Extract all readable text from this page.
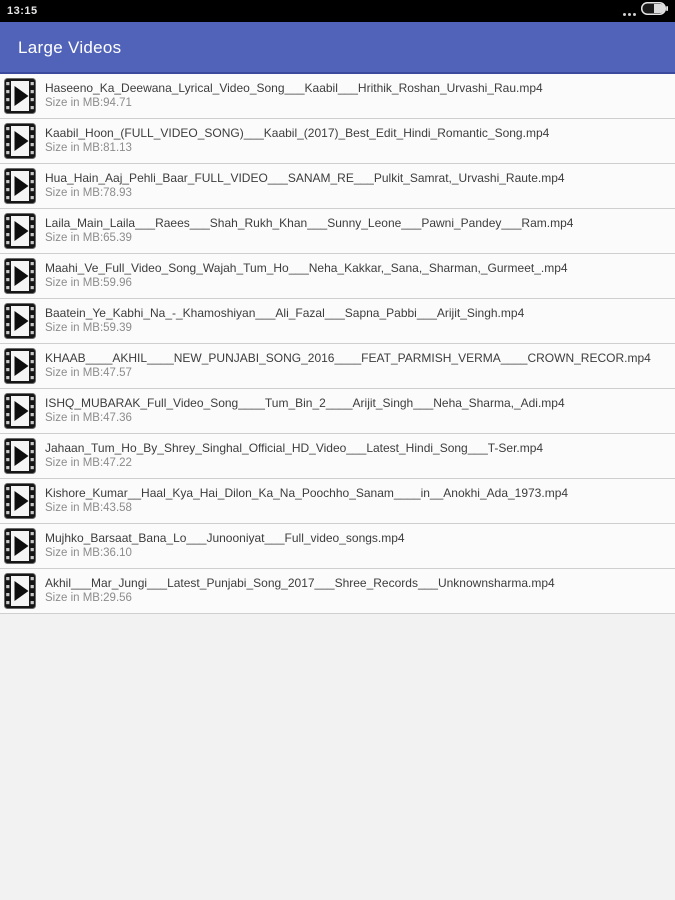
13:15
Large Videos
Haseeno_Ka_Deewana_Lyrical_Video_Song___Kaabil___Hrithik_Roshan_Urvashi_Rau.mp4
Size in MB:94.71
Kaabil_Hoon_(FULL_VIDEO_SONG)___Kaabil_(2017)_Best_Edit_Hindi_Romantic_Song.mp4
Size in MB:81.13
Hua_Hain_Aaj_Pehli_Baar_FULL_VIDEO___SANAM_RE___Pulkit_Samrat,_Urvashi_Raute.mp4
Size in MB:78.93
Laila_Main_Laila___Raees___Shah_Rukh_Khan___Sunny_Leone___Pawni_Pandey___Ram.mp4
Size in MB:65.39
Maahi_Ve_Full_Video_Song_Wajah_Tum_Ho___Neha_Kakkar,_Sana,_Sharman,_Gurmeet_.mp4
Size in MB:59.96
Baatein_Ye_Kabhi_Na_-_Khamoshiyan___Ali_Fazal___Sapna_Pabbi___Arijit_Singh.mp4
Size in MB:59.39
KHAAB____AKHIL____NEW_PUNJABI_SONG_2016____FEAT_PARMISH_VERMA____CROWN_RECOR.mp4
Size in MB:47.57
ISHQ_MUBARAK_Full_Video_Song____Tum_Bin_2____Arijit_Singh___Neha_Sharma,_Adi.mp4
Size in MB:47.36
Jahaan_Tum_Ho_By_Shrey_Singhal_Official_HD_Video___Latest_Hindi_Song___T-Ser.mp4
Size in MB:47.22
Kishore_Kumar__Haal_Kya_Hai_Dilon_Ka_Na_Poochho_Sanam____in__Anokhi_Ada_1973.mp4
Size in MB:43.58
Mujhko_Barsaat_Bana_Lo___Junooniyat___Full_video_songs.mp4
Size in MB:36.10
Akhil___Mar_Jungi___Latest_Punjabi_Song_2017___Shree_Records___Unknownsharma.mp4
Size in MB:29.56
